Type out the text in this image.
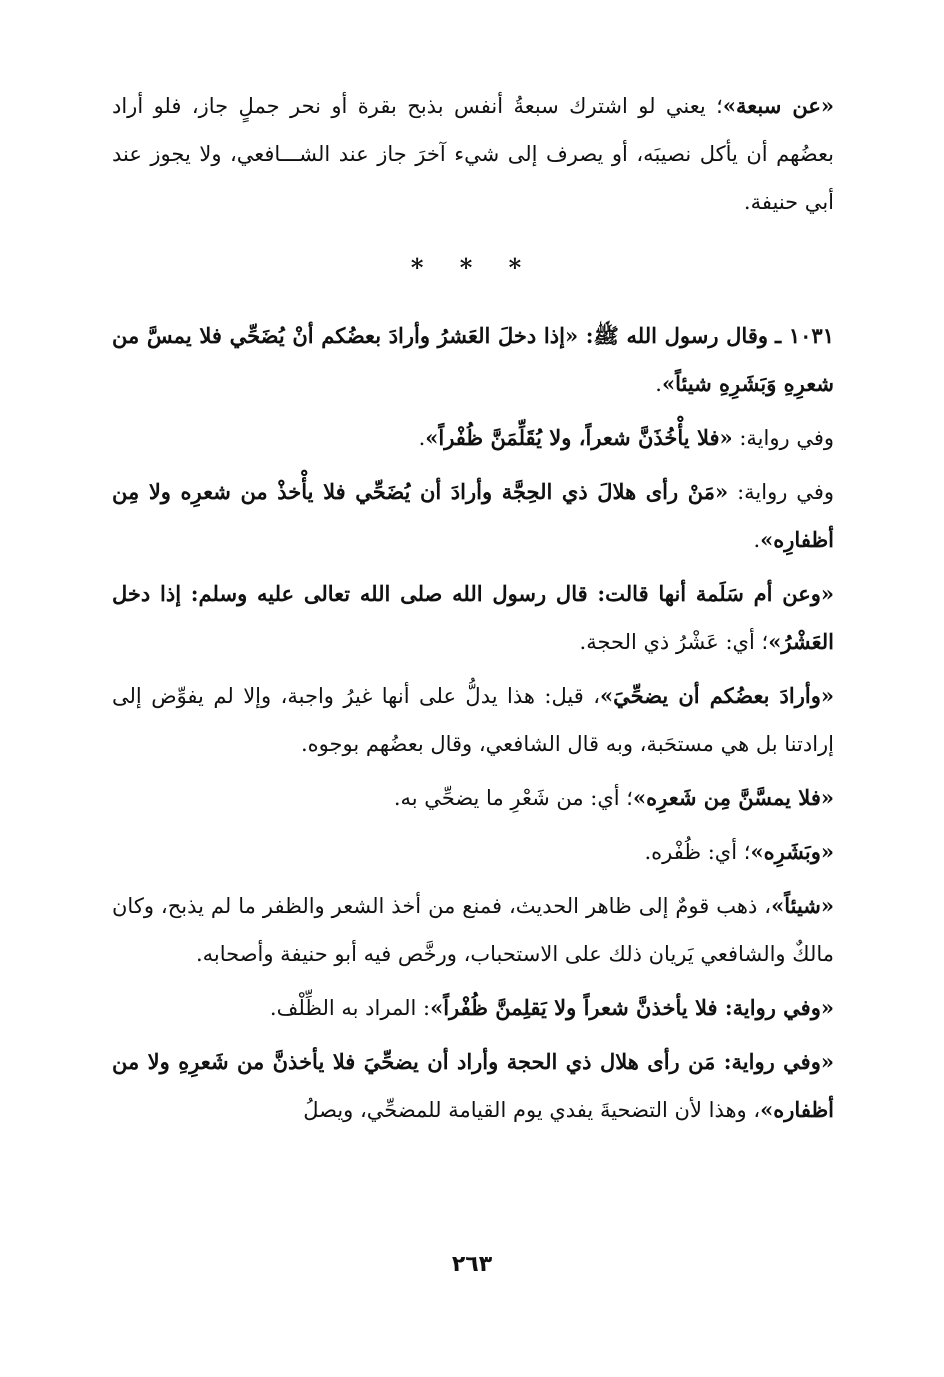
«عن سبعة»؛ يعني لو اشترك سبعةُ أنفس بذبح بقرة أو نحر جملٍ جاز، فلو أراد بعضُهم أن يأكل نصيبَه، أو يصرف إلى شيء آخرَ جاز عند الشـــافعي، ولا يجوز عند أبي حنيفة.

* * *

١٠٣١ ـ وقال رسول الله ﷺ: «إذا دخلَ العَشرُ وأرادَ بعضُكم أنْ يُضَحِّي فلا يمسَّ من شعرِهِ وَبَشَرِهِ شيئاً».

وفي رواية: «فلا يأْخُذَنَّ شعراً، ولا يُقَلِّمَنَّ ظُفْراً».

وفي رواية: «مَنْ رأى هلالَ ذي الحِجَّة وأرادَ أن يُضَحِّي فلا يأْخذْ من شعرِه ولا مِن أظفارِه».

«وعن أم سَلَمة أنها قالت: قال رسول الله صلى الله تعالى عليه وسلم: إذا دخل العَشْرُ»؛ أي: عَشْرُ ذي الحجة.

«وأرادَ بعضُكم أن يضحِّيَ»، قيل: هذا يدلُّ على أنها غيرُ واجبة، وإلا لم يفوِّض إلى إرادتنا بل هي مستحَبة، وبه قال الشافعي، وقال بعضُهم بوجوه.

«فلا يمسَّنَّ مِن شَعرِه»؛ أي: من شَعْرِ ما يضحِّي به.

«وبَشَرِه»؛ أي: ظُفْره.

«شيئاً»، ذهب قومٌ إلى ظاهر الحديث، فمنع من أخذ الشعر والظفر ما لم يذبح، وكان مالكٌ والشافعي يَريان ذلك على الاستحباب، ورخَّص فيه أبو حنيفة وأصحابه.

«وفي رواية: فلا يأخذنَّ شعراً ولا يَقلِمنَّ ظُفْراً»: المراد به الظِّلْف.

«وفي رواية: مَن رأى هلال ذي الحجة وأراد أن يضحِّيَ فلا يأخذنَّ من شَعرِهِ ولا من أظفاره»، وهذا لأن التضحيةَ يفدي يوم القيامة للمضحِّي، ويصلُ

٢٦٣
